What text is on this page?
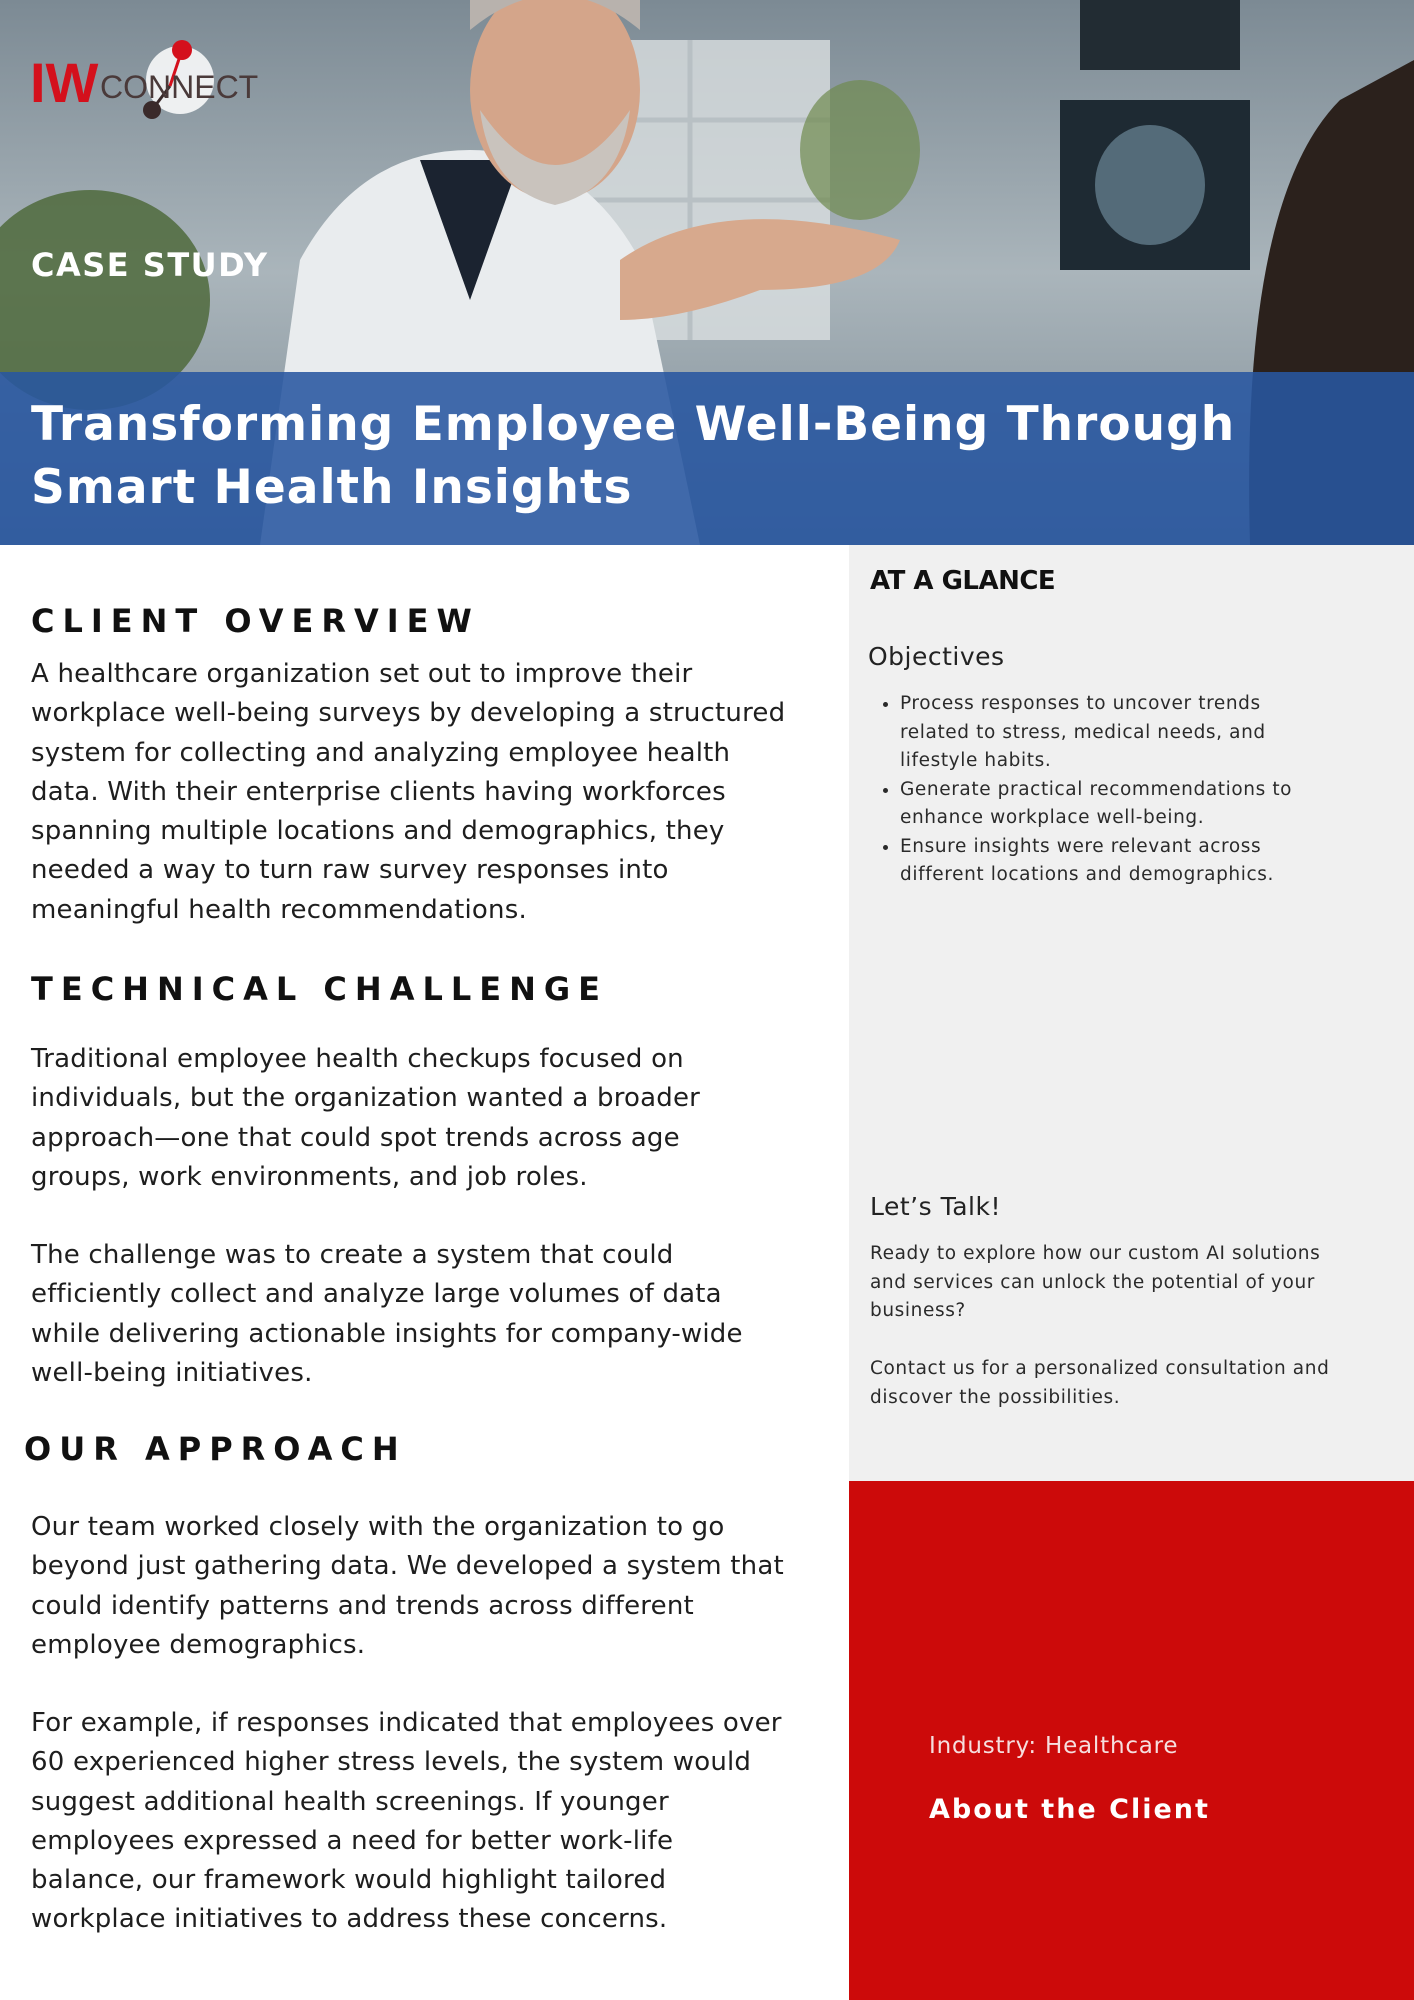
IW CONNECT
CASE STUDY
Transforming Employee Well-Being Through
Smart Health Insights
CLIENT OVERVIEW

A healthcare organization set out to improve their
workplace well-being surveys by developing a structured
system for collecting and analyzing employee health
data. With their enterprise clients having workforces
spanning multiple locations and demographics, they
needed a way to turn raw survey responses into
meaningful health recommendations.

TECHNICAL CHALLENGE

Traditional employee health checkups focused on
individuals, but the organization wanted a broader
approach—one that could spot trends across age
groups, work environments, and job roles.

The challenge was to create a system that could
efficiently collect and analyze large volumes of data
while delivering actionable insights for company-wide
well-being initiatives.

OUR APPROACH

Our team worked closely with the organization to go
beyond just gathering data. We developed a system that
could identify patterns and trends across different
employee demographics.

For example, if responses indicated that employees over
60 experienced higher stress levels, the system would
suggest additional health screenings. If younger
employees expressed a need for better work-life
balance, our framework would highlight tailored
workplace initiatives to address these concerns.

AT A GLANCE
Objectives
• Process responses to uncover trends
related to stress, medical needs, and
lifestyle habits.
• Generate practical recommendations to
enhance workplace well-being.
• Ensure insights were relevant across
different locations and demographics.
Let’s Talk!

Ready to explore how our custom AI solutions
and services can unlock the potential of your
business?

Contact us for a personalized consultation and
discover the possibilities.

Industry: Healthcare
About the Client
